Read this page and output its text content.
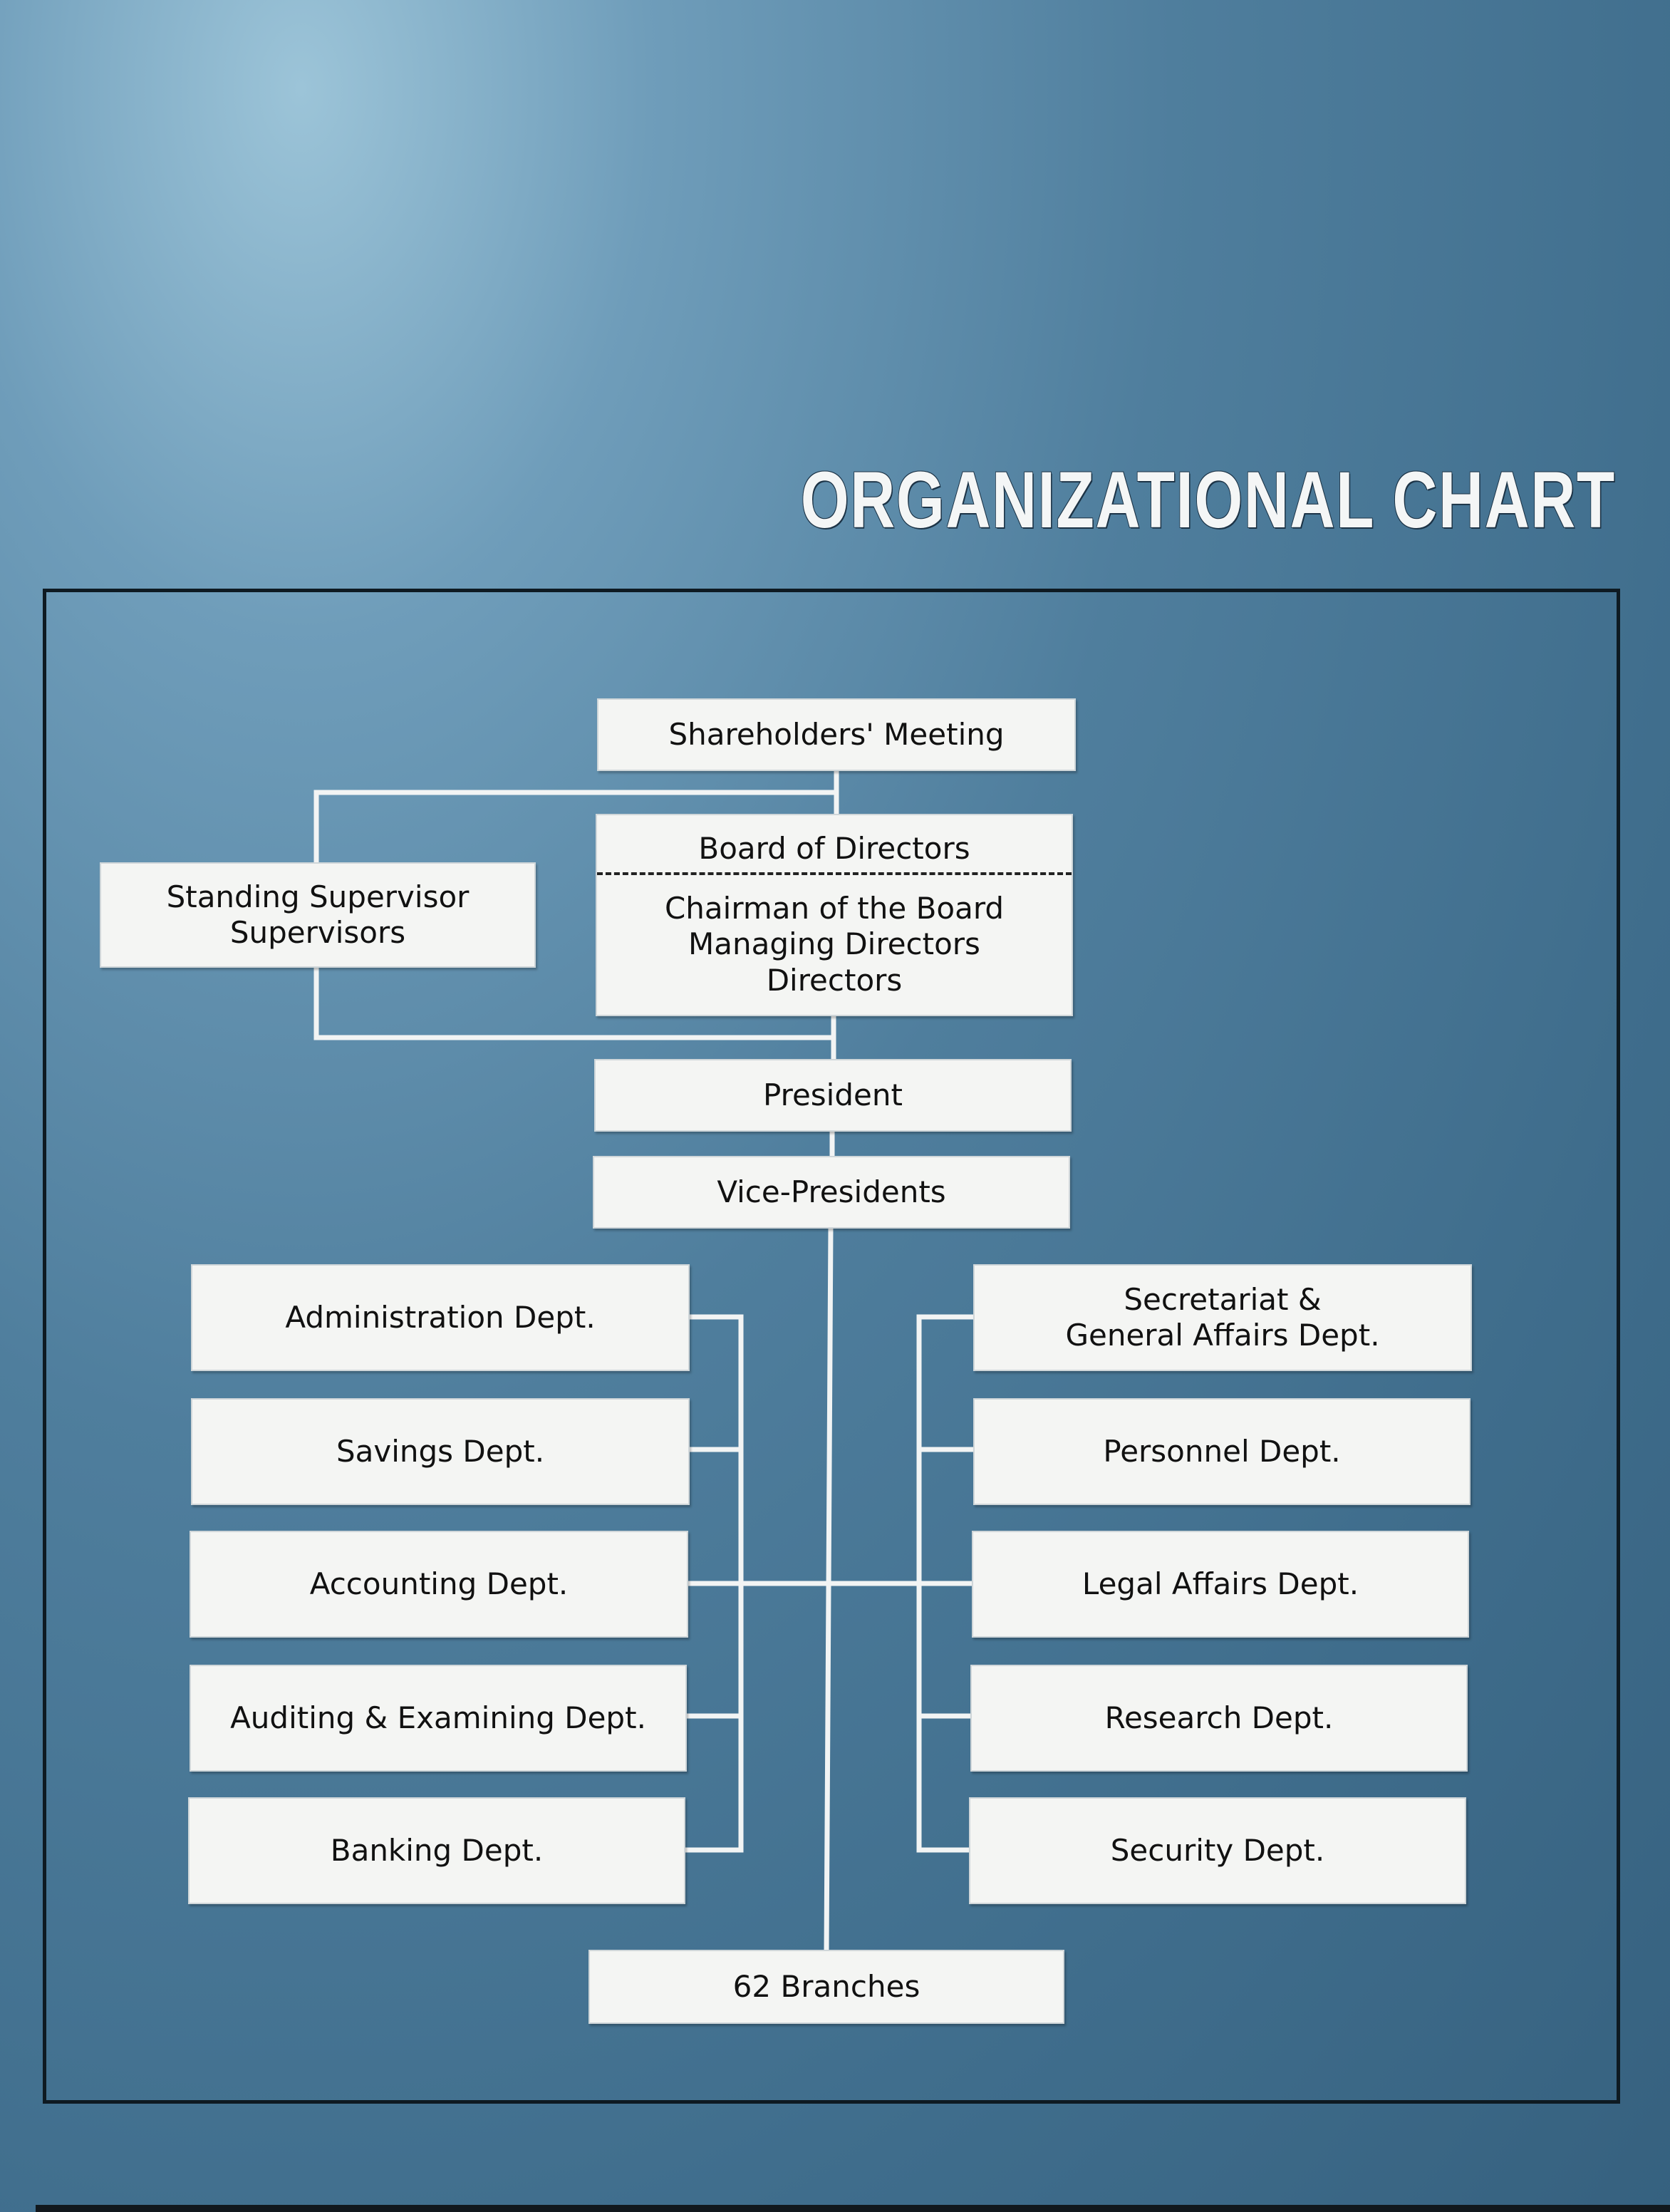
ORGANIZATIONAL CHART
Shareholders' Meeting
Standing Supervisor
Supervisors
Board of Directors
Chairman of the Board
Managing Directors
Directors
President
Vice-Presidents
Administration Dept.
Savings Dept.
Accounting Dept.
Auditing & Examining Dept.
Banking Dept.
Secretariat &
General Affairs Dept.
Personnel Dept.
Legal Affairs Dept.
Research Dept.
Security Dept.
62 Branches
